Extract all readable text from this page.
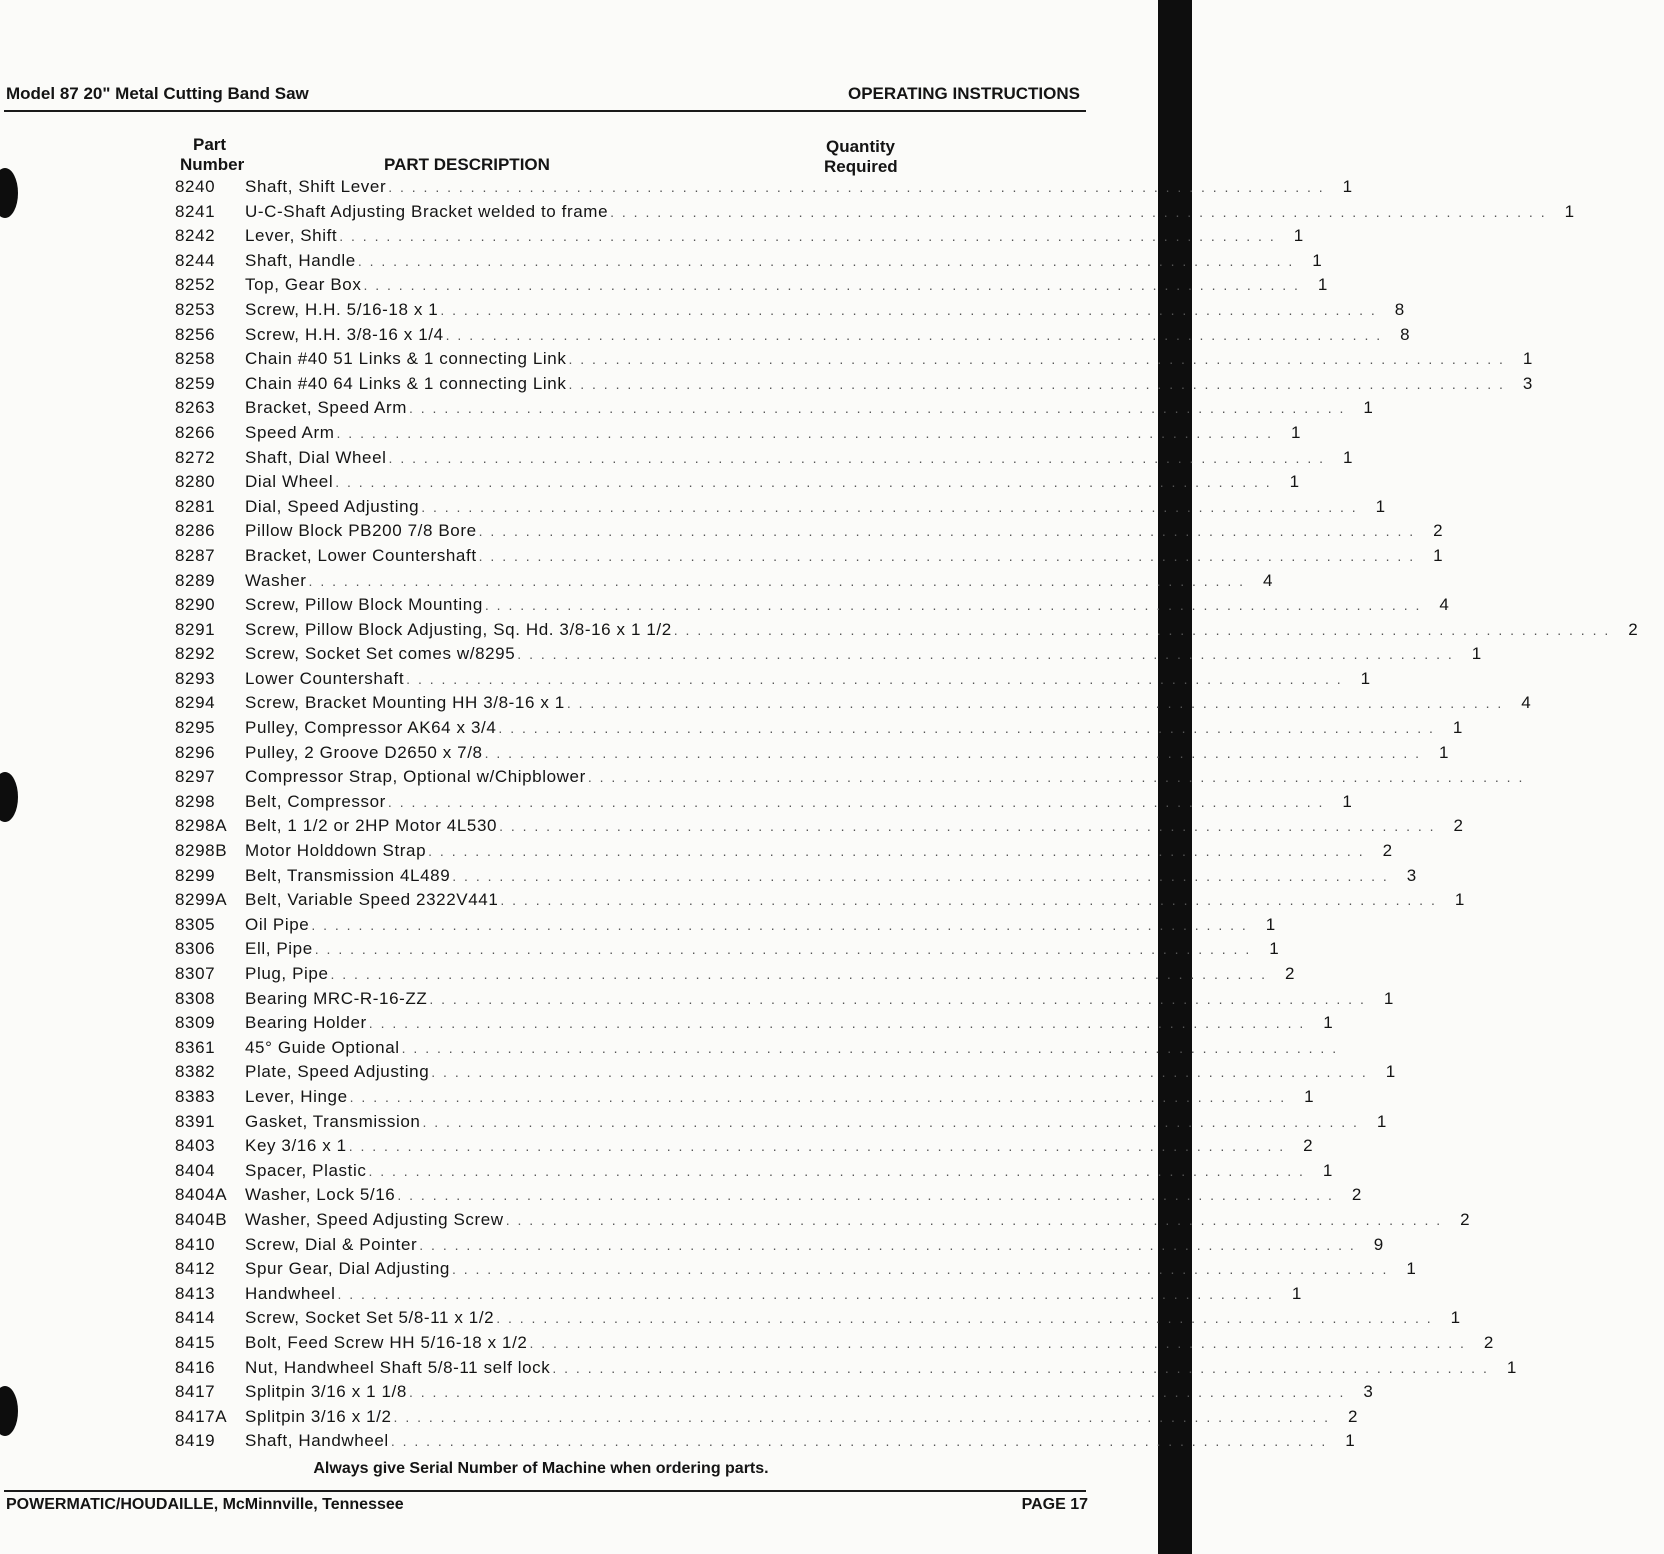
Model 87 20" Metal Cutting Band Saw	OPERATING INSTRUCTIONS
Part
Number	PART DESCRIPTION
Quantity
Required
8240	Shaft, Shift Lever . . . . . . . . . . . . . . . . . . . . . . . . . . . . . . . . . . . . . . . . . . . . . . . . . . . . . . . . . . . . . . . . . . . . . . . . . . . . . . . .	1
8241	U-C-Shaft Adjusting Bracket welded to frame . . . . . . . . . . . . . . . . . . . . . . . . . . . . . . . . . . . . . . . . . . . . . . . . . . . . . . . . . . . . . . . . . . . . . . . . . . . . . . . .	1
8242	Lever, Shift . . . . . . . . . . . . . . . . . . . . . . . . . . . . . . . . . . . . . . . . . . . . . . . . . . . . . . . . . . . . . . . . . . . . . . . . . . . . . . . .	1
8244	Shaft, Handle . . . . . . . . . . . . . . . . . . . . . . . . . . . . . . . . . . . . . . . . . . . . . . . . . . . . . . . . . . . . . . . . . . . . . . . . . . . . . . . .	1
8252	Top, Gear Box . . . . . . . . . . . . . . . . . . . . . . . . . . . . . . . . . . . . . . . . . . . . . . . . . . . . . . . . . . . . . . . . . . . . . . . . . . . . . . . .	1
8253	Screw, H.H. 5/16-18 x 1 . . . . . . . . . . . . . . . . . . . . . . . . . . . . . . . . . . . . . . . . . . . . . . . . . . . . . . . . . . . . . . . . . . . . . . . . . . . . . . . .	8
8256	Screw, H.H. 3/8-16 x 1/4 . . . . . . . . . . . . . . . . . . . . . . . . . . . . . . . . . . . . . . . . . . . . . . . . . . . . . . . . . . . . . . . . . . . . . . . . . . . . . . . .	8
8258	Chain #40 51 Links & 1 connecting Link . . . . . . . . . . . . . . . . . . . . . . . . . . . . . . . . . . . . . . . . . . . . . . . . . . . . . . . . . . . . . . . . . . . . . . . . . . . . . . . .	1
8259	Chain #40 64 Links & 1 connecting Link . . . . . . . . . . . . . . . . . . . . . . . . . . . . . . . . . . . . . . . . . . . . . . . . . . . . . . . . . . . . . . . . . . . . . . . . . . . . . . . .	3
8263	Bracket, Speed Arm . . . . . . . . . . . . . . . . . . . . . . . . . . . . . . . . . . . . . . . . . . . . . . . . . . . . . . . . . . . . . . . . . . . . . . . . . . . . . . . .	1
8266	Speed Arm . . . . . . . . . . . . . . . . . . . . . . . . . . . . . . . . . . . . . . . . . . . . . . . . . . . . . . . . . . . . . . . . . . . . . . . . . . . . . . . .	1
8272	Shaft, Dial Wheel . . . . . . . . . . . . . . . . . . . . . . . . . . . . . . . . . . . . . . . . . . . . . . . . . . . . . . . . . . . . . . . . . . . . . . . . . . . . . . . .	1
8280	Dial Wheel . . . . . . . . . . . . . . . . . . . . . . . . . . . . . . . . . . . . . . . . . . . . . . . . . . . . . . . . . . . . . . . . . . . . . . . . . . . . . . . .	1
8281	Dial, Speed Adjusting . . . . . . . . . . . . . . . . . . . . . . . . . . . . . . . . . . . . . . . . . . . . . . . . . . . . . . . . . . . . . . . . . . . . . . . . . . . . . . . .	1
8286	Pillow Block PB200 7/8 Bore . . . . . . . . . . . . . . . . . . . . . . . . . . . . . . . . . . . . . . . . . . . . . . . . . . . . . . . . . . . . . . . . . . . . . . . . . . . . . . . .	2
8287	Bracket, Lower Countershaft . . . . . . . . . . . . . . . . . . . . . . . . . . . . . . . . . . . . . . . . . . . . . . . . . . . . . . . . . . . . . . . . . . . . . . . . . . . . . . . .	1
8289	Washer . . . . . . . . . . . . . . . . . . . . . . . . . . . . . . . . . . . . . . . . . . . . . . . . . . . . . . . . . . . . . . . . . . . . . . . . . . . . . . . .	4
8290	Screw, Pillow Block Mounting . . . . . . . . . . . . . . . . . . . . . . . . . . . . . . . . . . . . . . . . . . . . . . . . . . . . . . . . . . . . . . . . . . . . . . . . . . . . . . . .	4
8291	Screw, Pillow Block Adjusting, Sq. Hd. 3/8-16 x 1 1/2 . . . . . . . . . . . . . . . . . . . . . . . . . . . . . . . . . . . . . . . . . . . . . . . . . . . . . . . . . . . . . . . . . . . . . . . . . . . . . . . .	2
8292	Screw, Socket Set comes w/8295 . . . . . . . . . . . . . . . . . . . . . . . . . . . . . . . . . . . . . . . . . . . . . . . . . . . . . . . . . . . . . . . . . . . . . . . . . . . . . . . .	1
8293	Lower Countershaft . . . . . . . . . . . . . . . . . . . . . . . . . . . . . . . . . . . . . . . . . . . . . . . . . . . . . . . . . . . . . . . . . . . . . . . . . . . . . . . .	1
8294	Screw, Bracket Mounting HH 3/8-16 x 1 . . . . . . . . . . . . . . . . . . . . . . . . . . . . . . . . . . . . . . . . . . . . . . . . . . . . . . . . . . . . . . . . . . . . . . . . . . . . . . . .	4
8295	Pulley, Compressor AK64 x 3/4 . . . . . . . . . . . . . . . . . . . . . . . . . . . . . . . . . . . . . . . . . . . . . . . . . . . . . . . . . . . . . . . . . . . . . . . . . . . . . . . .	1
8296	Pulley, 2 Groove D2650 x 7/8 . . . . . . . . . . . . . . . . . . . . . . . . . . . . . . . . . . . . . . . . . . . . . . . . . . . . . . . . . . . . . . . . . . . . . . . . . . . . . . . .	1
8297	Compressor Strap, Optional w/Chipblower . . . . . . . . . . . . . . . . . . . . . . . . . . . . . . . . . . . . . . . . . . . . . . . . . . . . . . . . . . . . . . . . . . . . . . . . . . . . . . . .
8298	Belt, Compressor . . . . . . . . . . . . . . . . . . . . . . . . . . . . . . . . . . . . . . . . . . . . . . . . . . . . . . . . . . . . . . . . . . . . . . . . . . . . . . . .	1
8298A	Belt, 1 1/2 or 2HP Motor 4L530 . . . . . . . . . . . . . . . . . . . . . . . . . . . . . . . . . . . . . . . . . . . . . . . . . . . . . . . . . . . . . . . . . . . . . . . . . . . . . . . .	2
8298B	Motor Holddown Strap . . . . . . . . . . . . . . . . . . . . . . . . . . . . . . . . . . . . . . . . . . . . . . . . . . . . . . . . . . . . . . . . . . . . . . . . . . . . . . . .	2
8299	Belt, Transmission 4L489 . . . . . . . . . . . . . . . . . . . . . . . . . . . . . . . . . . . . . . . . . . . . . . . . . . . . . . . . . . . . . . . . . . . . . . . . . . . . . . . .	3
8299A	Belt, Variable Speed 2322V441 . . . . . . . . . . . . . . . . . . . . . . . . . . . . . . . . . . . . . . . . . . . . . . . . . . . . . . . . . . . . . . . . . . . . . . . . . . . . . . . .	1
8305	Oil Pipe . . . . . . . . . . . . . . . . . . . . . . . . . . . . . . . . . . . . . . . . . . . . . . . . . . . . . . . . . . . . . . . . . . . . . . . . . . . . . . . .	1
8306	Ell, Pipe . . . . . . . . . . . . . . . . . . . . . . . . . . . . . . . . . . . . . . . . . . . . . . . . . . . . . . . . . . . . . . . . . . . . . . . . . . . . . . . .	1
8307	Plug, Pipe . . . . . . . . . . . . . . . . . . . . . . . . . . . . . . . . . . . . . . . . . . . . . . . . . . . . . . . . . . . . . . . . . . . . . . . . . . . . . . . .	2
8308	Bearing MRC-R-16-ZZ . . . . . . . . . . . . . . . . . . . . . . . . . . . . . . . . . . . . . . . . . . . . . . . . . . . . . . . . . . . . . . . . . . . . . . . . . . . . . . . .	1
8309	Bearing Holder . . . . . . . . . . . . . . . . . . . . . . . . . . . . . . . . . . . . . . . . . . . . . . . . . . . . . . . . . . . . . . . . . . . . . . . . . . . . . . . .	1
8361	45° Guide Optional . . . . . . . . . . . . . . . . . . . . . . . . . . . . . . . . . . . . . . . . . . . . . . . . . . . . . . . . . . . . . . . . . . . . . . . . . . . . . . . .
8382	Plate, Speed Adjusting . . . . . . . . . . . . . . . . . . . . . . . . . . . . . . . . . . . . . . . . . . . . . . . . . . . . . . . . . . . . . . . . . . . . . . . . . . . . . . . .	1
8383	Lever, Hinge . . . . . . . . . . . . . . . . . . . . . . . . . . . . . . . . . . . . . . . . . . . . . . . . . . . . . . . . . . . . . . . . . . . . . . . . . . . . . . . .	1
8391	Gasket, Transmission . . . . . . . . . . . . . . . . . . . . . . . . . . . . . . . . . . . . . . . . . . . . . . . . . . . . . . . . . . . . . . . . . . . . . . . . . . . . . . . .	1
8403	Key 3/16 x 1 . . . . . . . . . . . . . . . . . . . . . . . . . . . . . . . . . . . . . . . . . . . . . . . . . . . . . . . . . . . . . . . . . . . . . . . . . . . . . . . .	2
8404	Spacer, Plastic . . . . . . . . . . . . . . . . . . . . . . . . . . . . . . . . . . . . . . . . . . . . . . . . . . . . . . . . . . . . . . . . . . . . . . . . . . . . . . . .	1
8404A	Washer, Lock 5/16 . . . . . . . . . . . . . . . . . . . . . . . . . . . . . . . . . . . . . . . . . . . . . . . . . . . . . . . . . . . . . . . . . . . . . . . . . . . . . . . .	2
8404B	Washer, Speed Adjusting Screw . . . . . . . . . . . . . . . . . . . . . . . . . . . . . . . . . . . . . . . . . . . . . . . . . . . . . . . . . . . . . . . . . . . . . . . . . . . . . . . .	2
8410	Screw, Dial & Pointer . . . . . . . . . . . . . . . . . . . . . . . . . . . . . . . . . . . . . . . . . . . . . . . . . . . . . . . . . . . . . . . . . . . . . . . . . . . . . . . .	9
8412	Spur Gear, Dial Adjusting . . . . . . . . . . . . . . . . . . . . . . . . . . . . . . . . . . . . . . . . . . . . . . . . . . . . . . . . . . . . . . . . . . . . . . . . . . . . . . . .	1
8413	Handwheel . . . . . . . . . . . . . . . . . . . . . . . . . . . . . . . . . . . . . . . . . . . . . . . . . . . . . . . . . . . . . . . . . . . . . . . . . . . . . . . .	1
8414	Screw, Socket Set 5/8-11 x 1/2 . . . . . . . . . . . . . . . . . . . . . . . . . . . . . . . . . . . . . . . . . . . . . . . . . . . . . . . . . . . . . . . . . . . . . . . . . . . . . . . .	1
8415	Bolt, Feed Screw HH 5/16-18 x 1/2 . . . . . . . . . . . . . . . . . . . . . . . . . . . . . . . . . . . . . . . . . . . . . . . . . . . . . . . . . . . . . . . . . . . . . . . . . . . . . . . .	2
8416	Nut, Handwheel Shaft 5/8-11 self lock . . . . . . . . . . . . . . . . . . . . . . . . . . . . . . . . . . . . . . . . . . . . . . . . . . . . . . . . . . . . . . . . . . . . . . . . . . . . . . . .	1
8417	Splitpin 3/16 x 1 1/8 . . . . . . . . . . . . . . . . . . . . . . . . . . . . . . . . . . . . . . . . . . . . . . . . . . . . . . . . . . . . . . . . . . . . . . . . . . . . . . . .	3
8417A	Splitpin 3/16 x 1/2 . . . . . . . . . . . . . . . . . . . . . . . . . . . . . . . . . . . . . . . . . . . . . . . . . . . . . . . . . . . . . . . . . . . . . . . . . . . . . . . .	2
8419	Shaft, Handwheel . . . . . . . . . . . . . . . . . . . . . . . . . . . . . . . . . . . . . . . . . . . . . . . . . . . . . . . . . . . . . . . . . . . . . . . . . . . . . . . .	1
Always give Serial Number of Machine when ordering parts.
POWERMATIC/HOUDAILLE, McMinnville, Tennessee	PAGE 17
